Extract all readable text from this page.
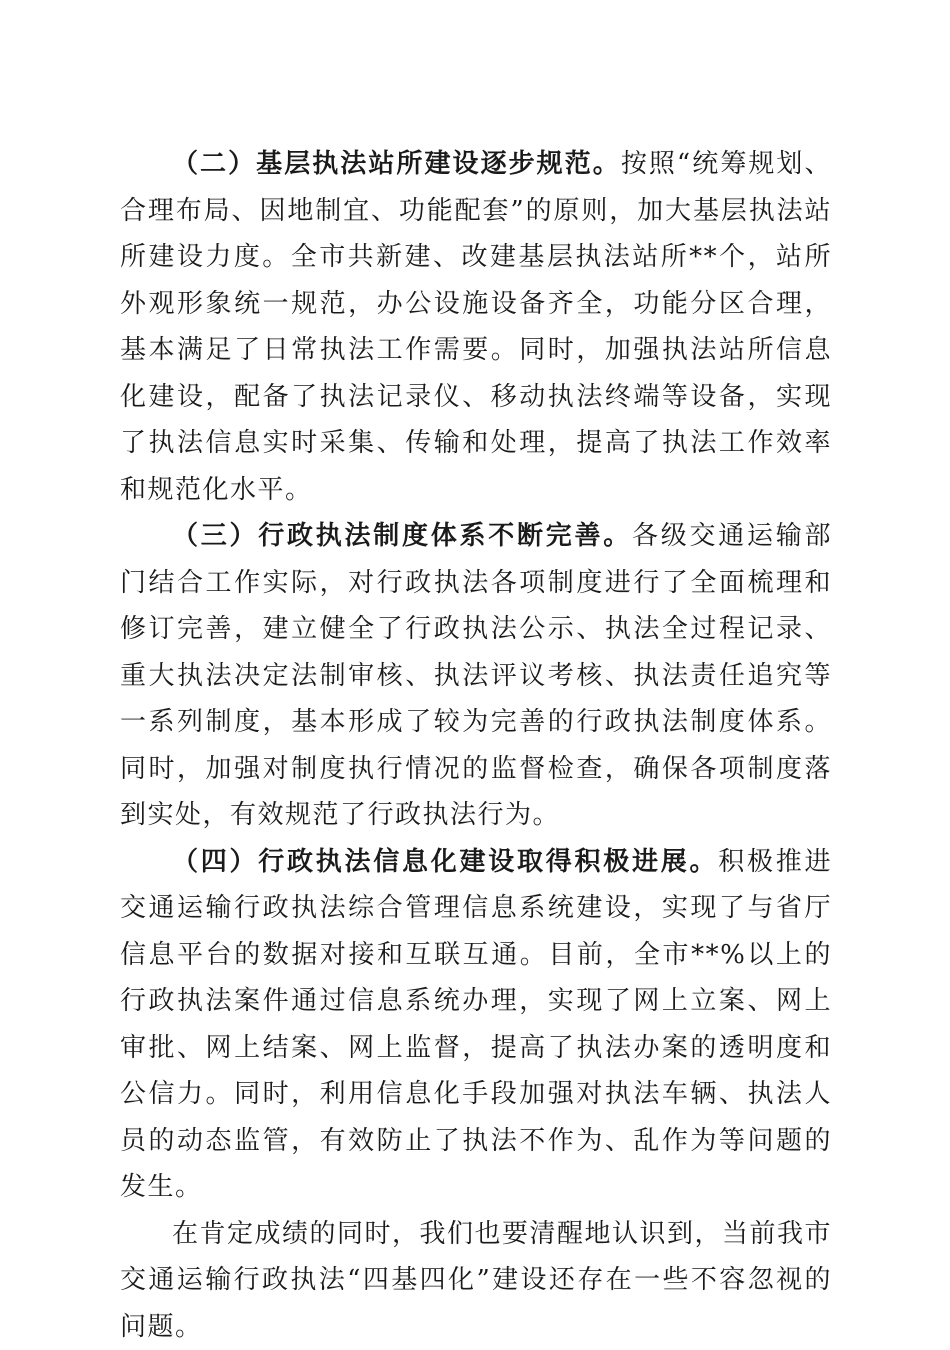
（二）基层执法站所建设逐步规范。按照“统筹规划、合理布局、因地制宜、功能配套”的原则，加大基层执法站所建设力度。全市共新建、改建基层执法站所**个，站所外观形象统一规范，办公设施设备齐全，功能分区合理，基本满足了日常执法工作需要。同时，加强执法站所信息化建设，配备了执法记录仪、移动执法终端等设备，实现了执法信息实时采集、传输和处理，提高了执法工作效率和规范化水平。

（三）行政执法制度体系不断完善。各级交通运输部门结合工作实际，对行政执法各项制度进行了全面梳理和修订完善，建立健全了行政执法公示、执法全过程记录、重大执法决定法制审核、执法评议考核、执法责任追究等一系列制度，基本形成了较为完善的行政执法制度体系。同时，加强对制度执行情况的监督检查，确保各项制度落到实处，有效规范了行政执法行为。

（四）行政执法信息化建设取得积极进展。积极推进交通运输行政执法综合管理信息系统建设，实现了与省厅信息平台的数据对接和互联互通。目前，全市**%以上的行政执法案件通过信息系统办理，实现了网上立案、网上审批、网上结案、网上监督，提高了执法办案的透明度和公信力。同时，利用信息化手段加强对执法车辆、执法人员的动态监管，有效防止了执法不作为、乱作为等问题的发生。

在肯定成绩的同时，我们也要清醒地认识到，当前我市交通运输行政执法“四基四化”建设还存在一些不容忽视的问题。
